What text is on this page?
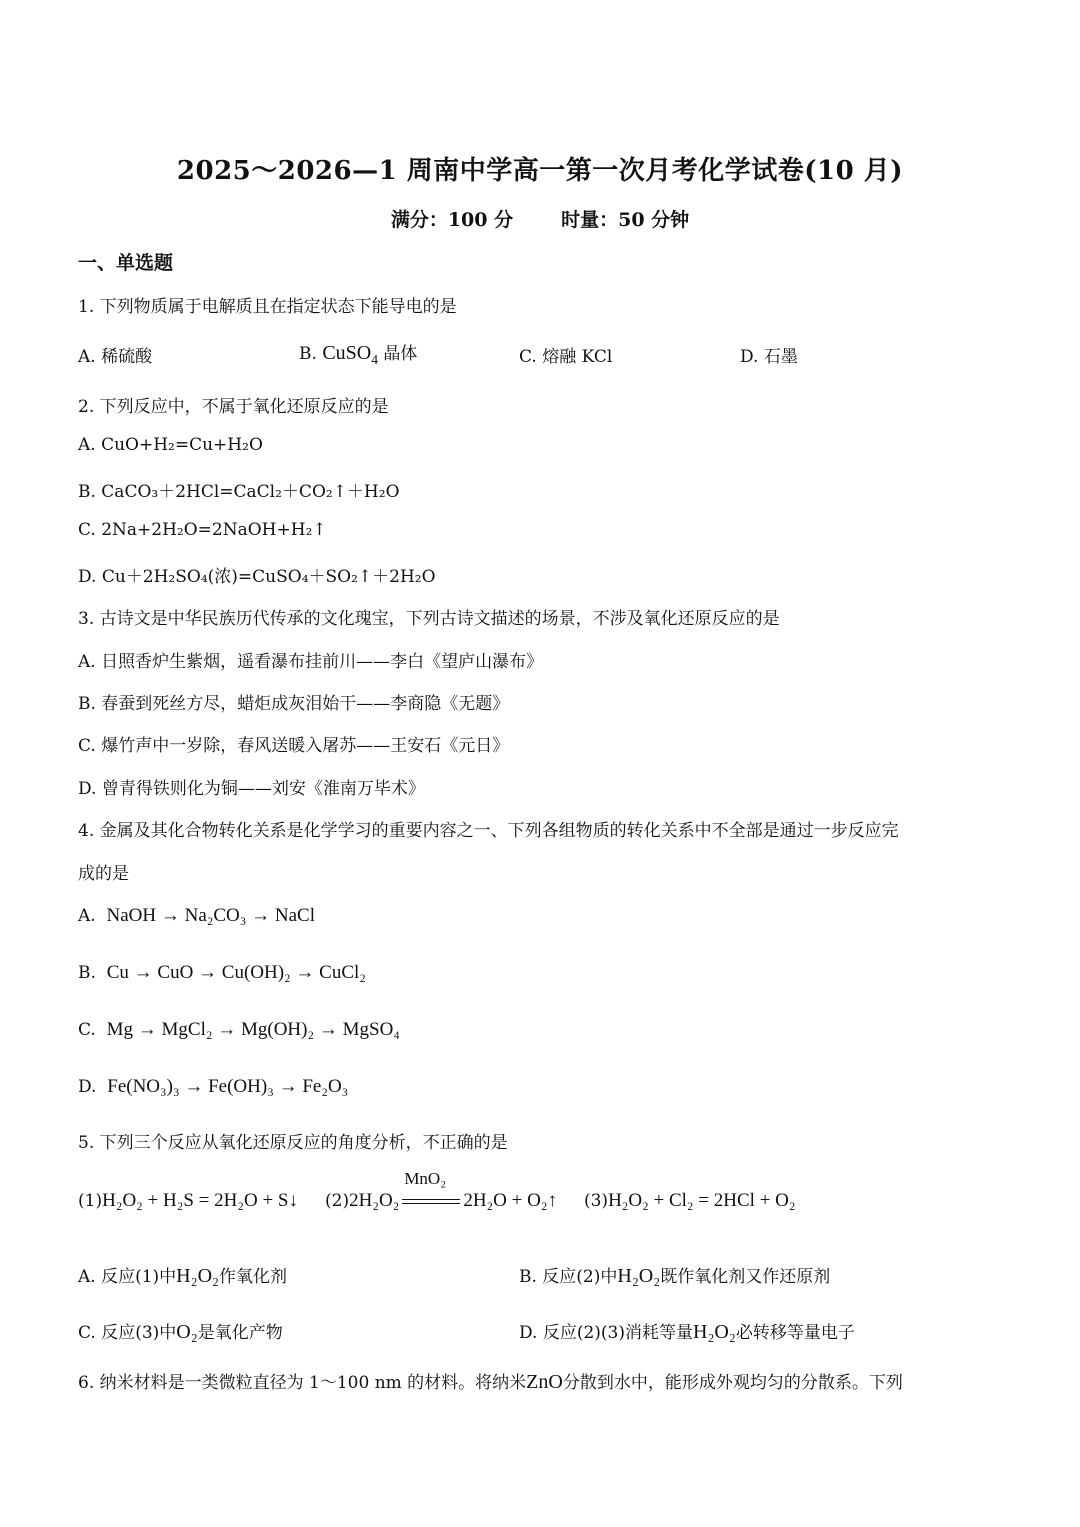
2025～2026—1 周南中学高一第一次月考化学试卷(10 月)
满分：100 分	时量：50 分钟
一、单选题
1. 下列物质属于电解质且在指定状态下能导电的是
A. 稀硫酸	B. CuSO$_4$ 晶体	C. 熔融 KCl	D. 石墨
2. 下列反应中，不属于氧化还原反应的是
A. CuO+H₂=Cu+H₂O
B. CaCO₃＋2HCl=CaCl₂＋CO₂↑＋H₂O
C. 2Na+2H₂O=2NaOH+H₂↑
D. Cu＋2H₂SO₄(浓)=CuSO₄＋SO₂↑＋2H₂O
3. 古诗文是中华民族历代传承的文化瑰宝，下列古诗文描述的场景，不涉及氧化还原反应的是
A. 日照香炉生紫烟，遥看瀑布挂前川——李白《望庐山瀑布》
B. 春蚕到死丝方尽，蜡炬成灰泪始干——李商隐《无题》
C. 爆竹声中一岁除，春风送暖入屠苏——王安石《元日》
D. 曾青得铁则化为铜——刘安《淮南万毕术》
4. 金属及其化合物转化关系是化学学习的重要内容之一、下列各组物质的转化关系中不全部是通过一步反应完
成的是
A. NaOH → Na₂CO₃ → NaCl
B. Cu → CuO → Cu(OH)₂ → CuCl₂
C. Mg → MgCl₂ → Mg(OH)₂ → MgSO₄
D. Fe(NO₃)₃ → Fe(OH)₃ → Fe₂O₃
5. 下列三个反应从氧化还原反应的角度分析，不正确的是
(1)H₂O₂ + H₂S = 2H₂O + S↓ (2)2H₂O₂
MnO₂
2H₂O + O₂↑ (3)H₂O₂ + Cl₂ = 2HCl + O₂
A. 反应(1)中H₂O₂作氧化剂	B. 反应(2)中H₂O₂既作氧化剂又作还原剂
C. 反应(3)中O₂是氧化产物	D. 反应(2)(3)消耗等量H₂O₂必转移等量电子
6. 纳米材料是一类微粒直径为 1～100 nm 的材料。将纳米ZnO分散到水中，能形成外观均匀的分散系。下列
